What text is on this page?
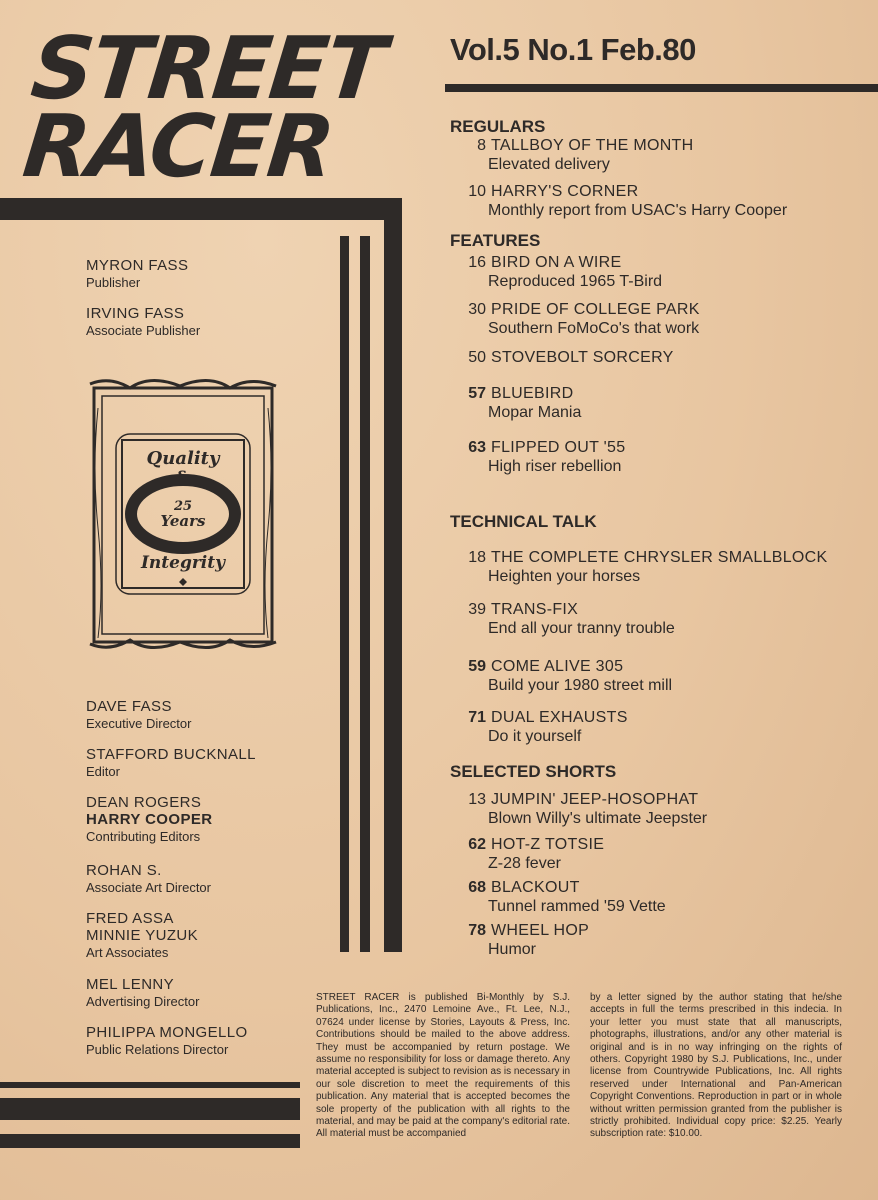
STREET
RACER
Vol.5 No.1 Feb.80
MYRON FASS
Publisher
IRVING FASS
Associate Publisher
Quality
&
25
Years
Integrity
DAVE FASS
Executive Director
STAFFORD BUCKNALL
Editor
DEAN ROGERS
HARRY COOPER
Contributing Editors
ROHAN S.
Associate Art Director
FRED ASSA
MINNIE YUZUK
Art Associates
MEL LENNY
Advertising Director
PHILIPPA MONGELLO
Public Relations Director
REGULARS
8 TALLBOY OF THE MONTH
Elevated delivery
10 HARRY'S CORNER
Monthly report from USAC's Harry Cooper
FEATURES
16 BIRD ON A WIRE
Reproduced 1965 T-Bird
30 PRIDE OF COLLEGE PARK
Southern FoMoCo's that work
50 STOVEBOLT SORCERY
57 BLUEBIRD
Mopar Mania
63 FLIPPED OUT '55
High riser rebellion
TECHNICAL TALK
18 THE COMPLETE CHRYSLER SMALLBLOCK
Heighten your horses
39 TRANS-FIX
End all your tranny trouble
59 COME ALIVE 305
Build your 1980 street mill
71 DUAL EXHAUSTS
Do it yourself
SELECTED SHORTS
13 JUMPIN' JEEP-HOSOPHAT
Blown Willy's ultimate Jeepster
62 HOT-Z TOTSIE
Z-28 fever
68 BLACKOUT
Tunnel rammed '59 Vette
78 WHEEL HOP
Humor
STREET RACER is published Bi-Monthly by S.J. Publications, Inc., 2470 Lemoine Ave., Ft. Lee, N.J., 07624 under license by Stories, Layouts & Press, Inc. Contributions should be mailed to the above address. They must be accompanied by return postage. We assume no responsibility for loss or damage thereto. Any material accepted is subject to revision as is necessary in our sole discretion to meet the requirements of this publication. Any material that is accepted becomes the sole property of the publication with all rights to the material, and may be paid at the company's editorial rate. All material must be accompanied
by a letter signed by the author stating that he/she accepts in full the terms prescribed in this indecia. In your letter you must state that all manuscripts, photographs, illustrations, and/or any other material is original and is in no way infringing on the rights of others. Copyright 1980 by S.J. Publications, Inc., under license from Countrywide Publications, Inc. All rights reserved under International and Pan-American Copyright Conventions. Reproduction in part or in whole without written permission granted from the publisher is strictly prohibited. Individual copy price: $2.25. Yearly subscription rate: $10.00.
